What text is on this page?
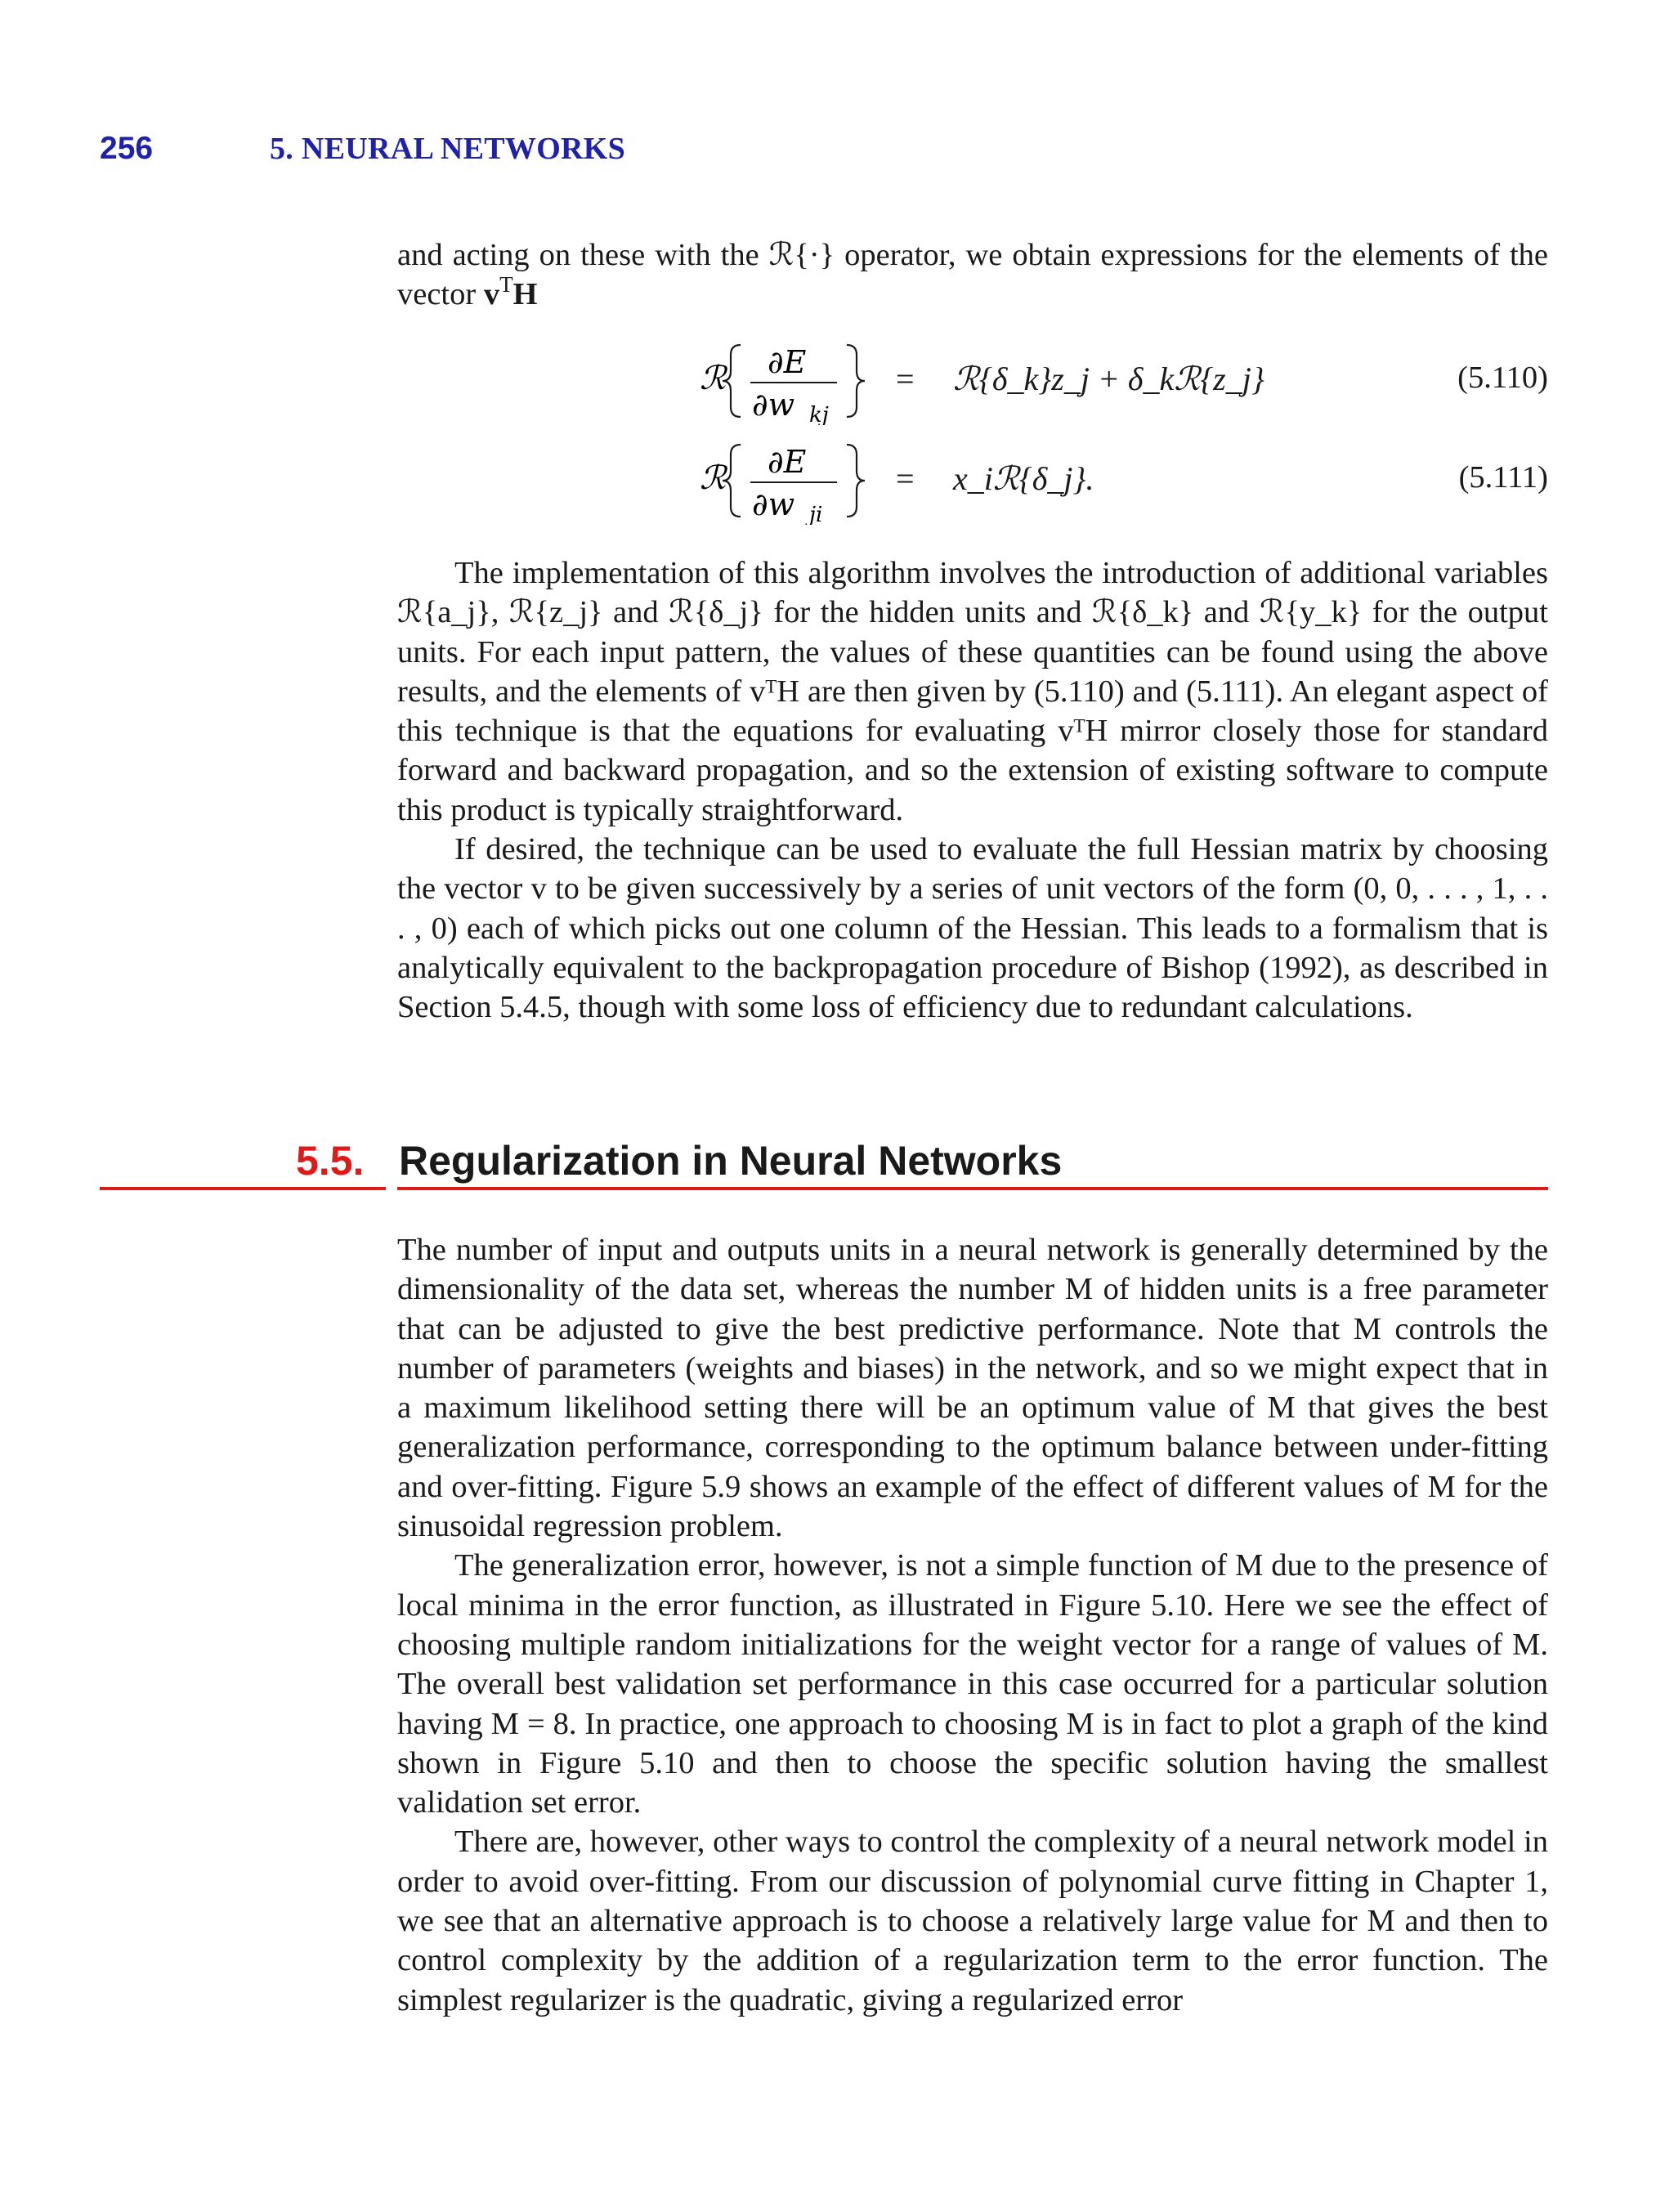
256	5. NEURAL NETWORKS

and acting on these with the ℛ{·} operator, we obtain expressions for the elements of the vector $v^TH$

ℛ ∂E
∂w kj
= ℛ{δ_k}z_j + δ_kℛ{z_j}	(5.110)
ℛ ∂E
∂w ji
= x_iℛ{δ_j}.	(5.111)

The implementation of this algorithm involves the introduction of additional variables ℛ{a_j}, ℛ{z_j} and ℛ{δ_j} for the hidden units and ℛ{δ_k} and ℛ{y_k} for the output units. For each input pattern, the values of these quantities can be found using the above results, and the elements of vᵀH are then given by (5.110) and (5.111). An elegant aspect of this technique is that the equations for evaluating vᵀH mirror closely those for standard forward and backward propagation, and so the extension of existing software to compute this product is typically straightforward.

If desired, the technique can be used to evaluate the full Hessian matrix by choosing the vector v to be given successively by a series of unit vectors of the form (0, 0, . . . , 1, . . . , 0) each of which picks out one column of the Hessian. This leads to a formalism that is analytically equivalent to the backpropagation procedure of Bishop (1992), as described in Section 5.4.5, though with some loss of efficiency due to redundant calculations.

5.5. Regularization in Neural Networks

The number of input and outputs units in a neural network is generally determined by the dimensionality of the data set, whereas the number M of hidden units is a free parameter that can be adjusted to give the best predictive performance. Note that M controls the number of parameters (weights and biases) in the network, and so we might expect that in a maximum likelihood setting there will be an optimum value of M that gives the best generalization performance, corresponding to the optimum balance between under-fitting and over-fitting. Figure 5.9 shows an example of the effect of different values of M for the sinusoidal regression problem.

The generalization error, however, is not a simple function of M due to the presence of local minima in the error function, as illustrated in Figure 5.10. Here we see the effect of choosing multiple random initializations for the weight vector for a range of values of M. The overall best validation set performance in this case occurred for a particular solution having M = 8. In practice, one approach to choosing M is in fact to plot a graph of the kind shown in Figure 5.10 and then to choose the specific solution having the smallest validation set error.

There are, however, other ways to control the complexity of a neural network model in order to avoid over-fitting. From our discussion of polynomial curve fitting in Chapter 1, we see that an alternative approach is to choose a relatively large value for M and then to control complexity by the addition of a regularization term to the error function. The simplest regularizer is the quadratic, giving a regularized error
